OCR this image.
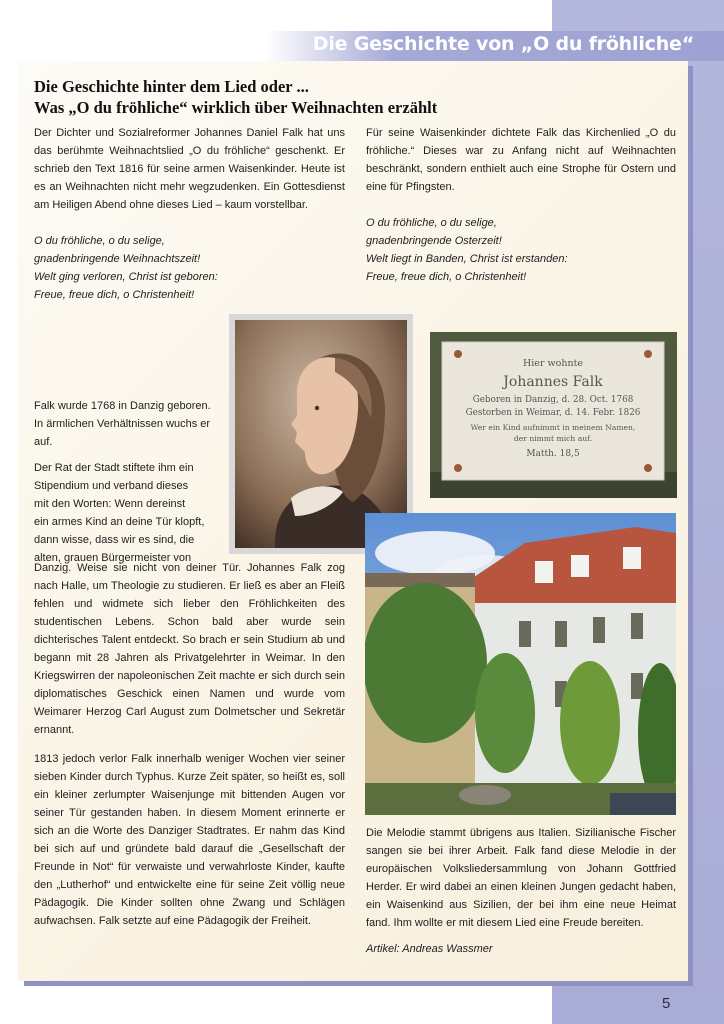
Die Geschichte von „O du fröhliche“
Die Geschichte hinter dem Lied oder ...
Was „O du fröhliche“ wirklich über Weihnachten erzählt

Der Dichter und Sozialreformer Johannes Daniel Falk hat uns das berühmte Weihnachtslied „O du fröhliche“ geschenkt. Er schrieb den Text 1816 für seine armen Waisenkinder. Heute ist es an Weihnachten nicht mehr wegzudenken. Ein Gottesdienst am Heiligen Abend ohne dieses Lied – kaum vorstellbar.

O du fröhliche, o du selige,
gnadenbringende Weihnachtszeit!
Welt ging verloren, Christ ist geboren:
Freue, freue dich, o Christenheit!

Falk wurde 1768 in Danzig geboren. In ärmlichen Verhältnissen wuchs er auf.

Der Rat der Stadt stiftete ihm ein
Stipendium und verband dieses
mit den Worten: Wenn dereinst
ein armes Kind an deine Tür klopft,
dann wisse, dass wir es sind, die
alten, grauen Bürgermeister von

Danzig. Weise sie nicht von deiner Tür. Johannes Falk zog nach Halle, um Theologie zu studieren. Er ließ es aber an Fleiß fehlen und widmete sich lieber den Fröhlichkeiten des studentischen Lebens. Schon bald aber wurde sein dichterisches Talent entdeckt. So brach er sein Studium ab und begann mit 28 Jahren als Privatgelehrter in Weimar. In den Kriegswirren der napoleonischen Zeit machte er sich durch sein diplomatisches Geschick einen Namen und wurde vom Weimarer Herzog Carl August zum Dolmetscher und Sekretär ernannt.

1813 jedoch verlor Falk innerhalb weniger Wochen vier seiner sieben Kinder durch Typhus. Kurze Zeit später, so heißt es, soll ein kleiner zerlumpter Waisenjunge mit bittenden Augen vor seiner Tür gestanden haben. In diesem Moment erinnerte er sich an die Worte des Danziger Stadtrates. Er nahm das Kind bei sich auf und gründete bald darauf die „Gesellschaft der Freunde in Not“ für verwaiste und verwahrloste Kinder, kaufte den „Lutherhof“ und entwickelte eine für seine Zeit völlig neue Pädagogik. Die Kinder sollten ohne Zwang und Schlägen aufwachsen. Falk setzte auf eine Pädagogik der Freiheit.

Für seine Waisenkinder dichtete Falk das Kirchenlied „O du fröhliche.“ Dieses war zu Anfang nicht auf Weihnachten beschränkt, sondern enthielt auch eine Strophe für Ostern und eine für Pfingsten.

O du fröhliche, o du selige,
gnadenbringende Osterzeit!
Welt liegt in Banden, Christ ist erstanden:
Freue, freue dich, o Christenheit!

Die Melodie stammt übrigens aus Italien. Sizilianische Fischer sangen sie bei ihrer Arbeit. Falk fand diese Melodie in der europäischen Volksliedersammlung von Johann Gottfried Herder. Er wird dabei an einen kleinen Jungen gedacht haben, ein Waisenkind aus Sizilien, der bei ihm eine neue Heimat fand. Ihm wollte er mit diesem Lied eine Freude bereiten.

Artikel: Andreas Wassmer
Hier wohnte
Johannes Falk
Geboren in Danzig, d. 28. Oct. 1768
Gestorben in Weimar, d. 14. Febr. 1826
Wer ein Kind aufnimmt in meinem Namen,
der nimmt mich auf.
Matth. 18,5
5
